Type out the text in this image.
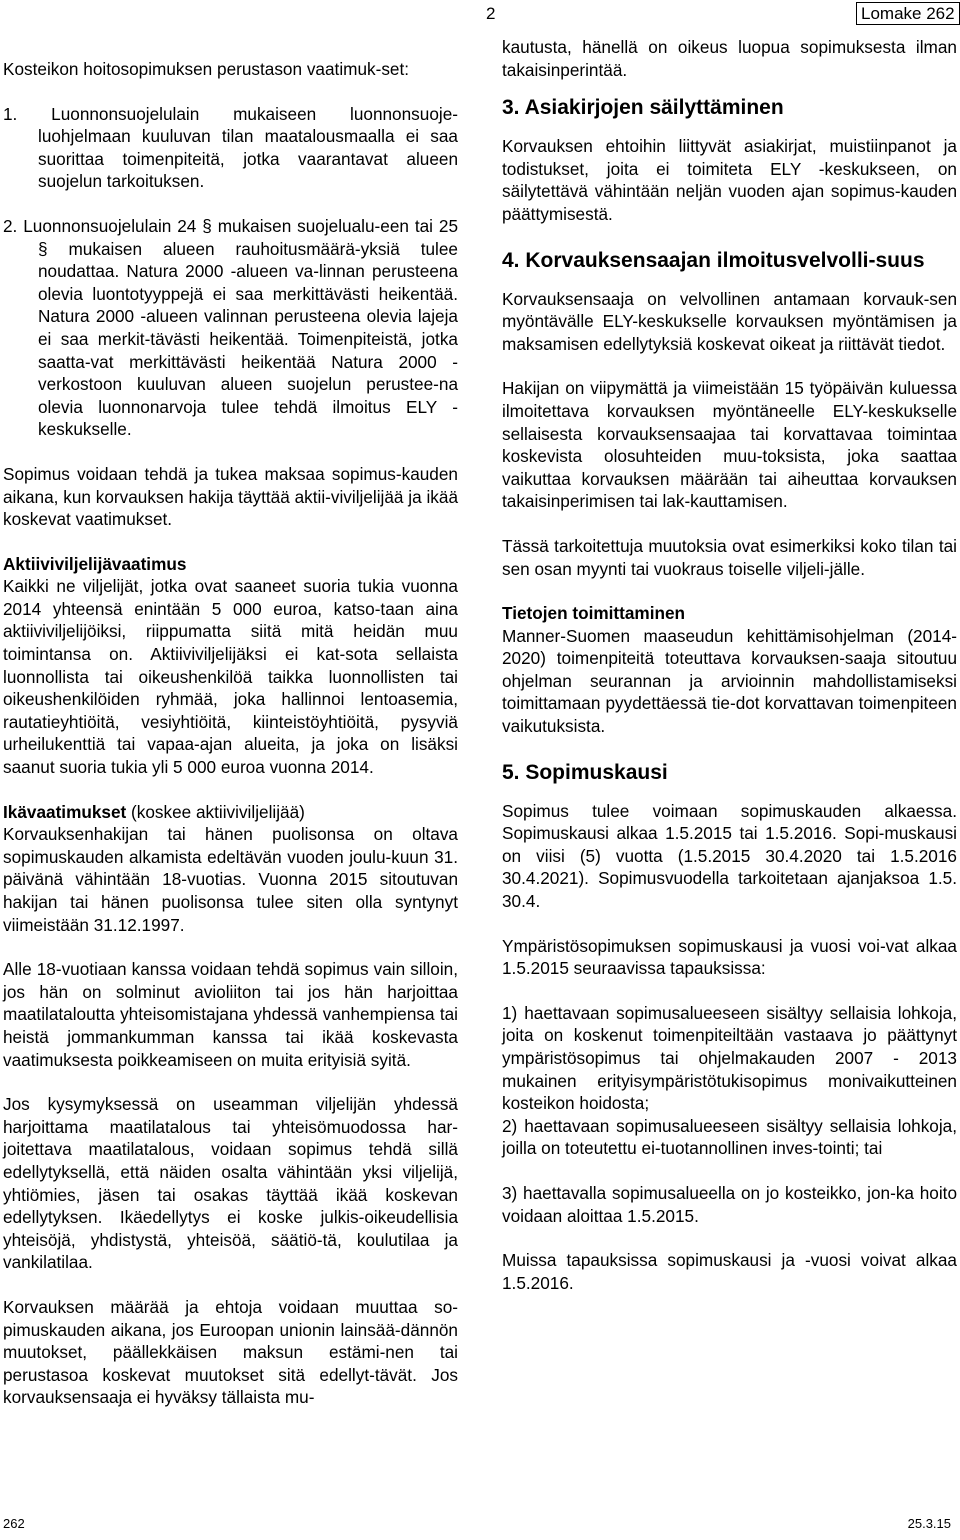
2	Lomake 262

Kosteikon hoitosopimuksen perustason vaatimuk-set:

1. Luonnonsuojelulain mukaiseen luonnonsuoje-luohjelmaan kuuluvan tilan maatalousmaalla ei saa suorittaa toimenpiteitä, jotka vaarantavat alueen suojelun tarkoituksen.

2. Luonnonsuojelulain 24 § mukaisen suojelualu-een tai 25 § mukaisen alueen rauhoitusmäärä-yksiä tulee noudattaa. Natura 2000 -alueen va-linnan perusteena olevia luontotyyppejä ei saa merkittävästi heikentää. Natura 2000 -alueen valinnan perusteena olevia lajeja ei saa merkit-tävästi heikentää. Toimenpiteistä, jotka saatta-vat merkittävästi heikentää Natura 2000 -verkostoon kuuluvan alueen suojelun perustee-na olevia luonnonarvoja tulee tehdä ilmoitus ELY -keskukselle.

Sopimus voidaan tehdä ja tukea maksaa sopimus-kauden aikana, kun korvauksen hakija täyttää aktii-viviljelijää ja ikää koskevat vaatimukset.

Aktiiviviljelijävaatimus

Kaikki ne viljelijät, jotka ovat saaneet suoria tukia vuonna 2014 yhteensä enintään 5 000 euroa, katso-taan aina aktiiviviljelijöiksi, riippumatta siitä mitä heidän muu toimintansa on. Aktiiviviljelijäksi ei kat-sota sellaista luonnollista tai oikeushenkilöä taikka luonnollisten tai oikeushenkilöiden ryhmää, joka hallinnoi lentoasemia, rautatieyhtiöitä, vesiyhtiöitä, kiinteistöyhtiöitä, pysyviä urheilukenttiä tai vapaa-ajan alueita, ja joka on lisäksi saanut suoria tukia yli 5 000 euroa vuonna 2014.

Ikävaatimukset (koskee aktiiviviljelijää)

Korvauksenhakijan tai hänen puolisonsa on oltava sopimuskauden alkamista edeltävän vuoden joulu-kuun 31. päivänä vähintään 18-vuotias. Vuonna 2015 sitoutuvan hakijan tai hänen puolisonsa tulee siten olla syntynyt viimeistään 31.12.1997.

Alle 18-vuotiaan kanssa voidaan tehdä sopimus vain silloin, jos hän on solminut avioliiton tai jos hän harjoittaa maatilataloutta yhteisomistajana yhdessä vanhempiensa tai heistä jommankumman kanssa tai ikää koskevasta vaatimuksesta poikkeamiseen on muita erityisiä syitä.

Jos kysymyksessä on useamman viljelijän yhdessä harjoittama maatilatalous tai yhteisömuodossa har-joitettava maatilatalous, voidaan sopimus tehdä sillä edellytyksellä, että näiden osalta vähintään yksi viljelijä, yhtiömies, jäsen tai osakas täyttää ikää koskevan edellytyksen. Ikäedellytys ei koske julkis-oikeudellisia yhteisöjä, yhdistystä, yhteisöä, säätiö-tä, koulutilaa ja vankilatilaa.

Korvauksen määrää ja ehtoja voidaan muuttaa so-pimuskauden aikana, jos Euroopan unionin lainsää-dännön muutokset, päällekkäisen maksun estämi-nen tai perustasoa koskevat muutokset sitä edellyt-tävät. Jos korvauksensaaja ei hyväksy tällaista mu-

kautusta, hänellä on oikeus luopua sopimuksesta ilman takaisinperintää.

3. Asiakirjojen säilyttäminen

Korvauksen ehtoihin liittyvät asiakirjat, muistiinpanot ja todistukset, joita ei toimiteta ELY -keskukseen, on säilytettävä vähintään neljän vuoden ajan sopimus-kauden päättymisestä.

4. Korvauksensaajan ilmoitusvelvolli-suus

Korvauksensaaja on velvollinen antamaan korvauk-sen myöntävälle ELY-keskukselle korvauksen myöntämisen ja maksamisen edellytyksiä koskevat oikeat ja riittävät tiedot.

Hakijan on viipymättä ja viimeistään 15 työpäivän kuluessa ilmoitettava korvauksen myöntäneelle ELY-keskukselle sellaisesta korvauksensaajaa tai korvattavaa toimintaa koskevista olosuhteiden muu-toksista, joka saattaa vaikuttaa korvauksen määrään tai aiheuttaa korvauksen takaisinperimisen tai lak-kauttamisen.

Tässä tarkoitettuja muutoksia ovat esimerkiksi koko tilan tai sen osan myynti tai vuokraus toiselle viljeli-jälle.

Tietojen toimittaminen

Manner-Suomen maaseudun kehittämisohjelman (2014-2020) toimenpiteitä toteuttava korvauksen-saaja sitoutuu ohjelman seurannan ja arvioinnin mahdollistamiseksi toimittamaan pyydettäessä tie-dot korvattavan toimenpiteen vaikutuksista.

5. Sopimuskausi

Sopimus tulee voimaan sopimuskauden alkaessa. Sopimuskausi alkaa 1.5.2015 tai 1.5.2016. Sopi-muskausi on viisi (5) vuotta (1.5.2015 30.4.2020 tai 1.5.2016 30.4.2021). Sopimusvuodella tarkoitetaan ajanjaksoa 1.5. 30.4.

Ympäristösopimuksen sopimuskausi ja vuosi voi-vat alkaa 1.5.2015 seuraavissa tapauksissa:

1) haettavaan sopimusalueeseen sisältyy sellaisia lohkoja, joita on koskenut toimenpiteiltään vastaava jo päättynyt ympäristösopimus tai ohjelmakauden 2007 - 2013 mukainen erityisympäristötukisopimus monivaikutteinen kosteikon hoidosta;

2) haettavaan sopimusalueeseen sisältyy sellaisia lohkoja, joilla on toteutettu ei-tuotannollinen inves-tointi; tai

3) haettavalla sopimusalueella on jo kosteikko, jon-ka hoito voidaan aloittaa 1.5.2015.

Muissa tapauksissa sopimuskausi ja -vuosi voivat alkaa 1.5.2016.

262	25.3.15
